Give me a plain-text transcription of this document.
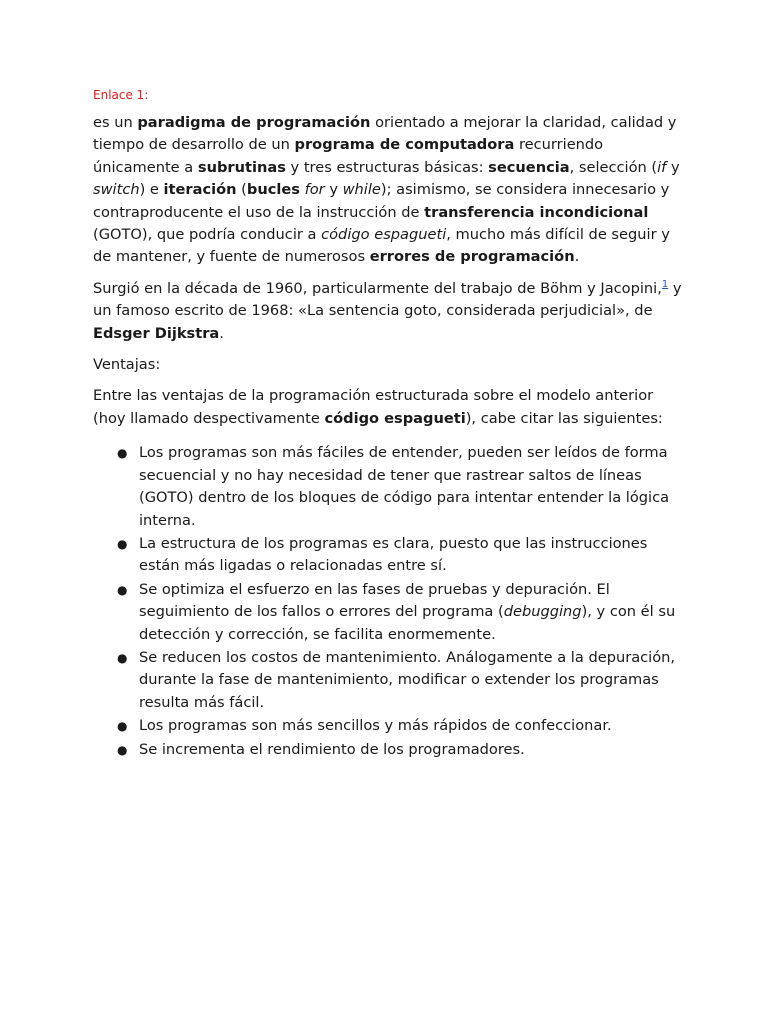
Enlace 1:

es un paradigma de programación orientado a mejorar la claridad, calidad y tiempo de desarrollo de un programa de computadora recurriendo únicamente a subrutinas y tres estructuras básicas: secuencia, selección (if y switch) e iteración (bucles for y while); asimismo, se considera innecesario y contraproducente el uso de la instrucción de transferencia incondicional (GOTO), que podría conducir a código espagueti, mucho más difícil de seguir y de mantener, y fuente de numerosos errores de programación.

Surgió en la década de 1960, particularmente del trabajo de Böhm y Jacopini,$^1$ y un famoso escrito de 1968: «La sentencia goto, considerada perjudicial», de Edsger Dijkstra.

Ventajas:

Entre las ventajas de la programación estructurada sobre el modelo anterior (hoy llamado despectivamente código espagueti), cabe citar las siguientes:

● Los programas son más fáciles de entender, pueden ser leídos de forma secuencial y no hay necesidad de tener que rastrear saltos de líneas (GOTO) dentro de los bloques de código para intentar entender la lógica interna.
● La estructura de los programas es clara, puesto que las instrucciones están más ligadas o relacionadas entre sí.
● Se optimiza el esfuerzo en las fases de pruebas y depuración. El seguimiento de los fallos o errores del programa (debugging), y con él su detección y corrección, se facilita enormemente.
● Se reducen los costos de mantenimiento. Análogamente a la depuración, durante la fase de mantenimiento, modificar o extender los programas resulta más fácil.
● Los programas son más sencillos y más rápidos de confeccionar.
● Se incrementa el rendimiento de los programadores.
